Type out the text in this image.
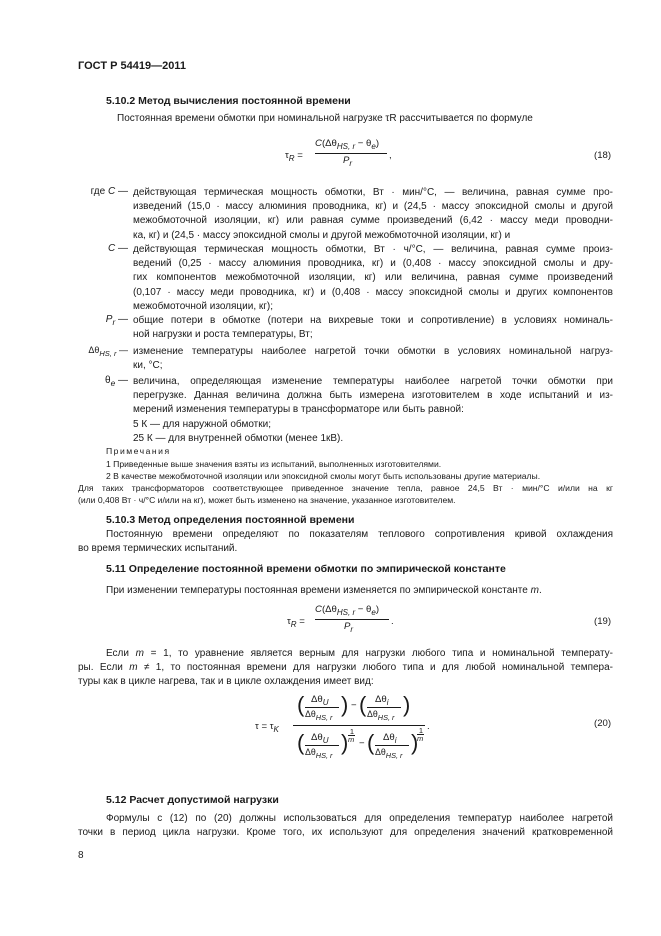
ГОСТ Р 54419—2011
5.10.2 Метод вычисления постоянной времени
Постоянная времени обмотки при номинальной нагрузке τR рассчитывается по формуле
$\tau_R$ =
$C(\Delta\theta_{HS, r} - \theta_e)$
$P_r$
,	(18)
где C — действующая термическая мощность обмотки, Вт · мин/°С, — величина, равная сумме про-
изведений (15,0 · массу алюминия проводника, кг) и (24,5 · массу эпоксидной смолы и другой
межобмоточной изоляции, кг) или равная сумме произведений (6,42 · массу меди проводни-
ка, кг) и (24,5 · массу эпоксидной смолы и другой межобмоточной изоляции, кг) и
C — действующая термическая мощность обмотки, Вт · ч/°С, — величина, равная сумме произ-
ведений (0,25 · массу алюминия проводника, кг) и (0,408 · массу эпоксидной смолы и дру-
гих компонентов межобмоточной изоляции, кг) или величина, равная сумме произведений
(0,107 · массу меди проводника, кг) и (0,408 · массу эпоксидной смолы и других компонентов
межобмоточной изоляции, кг);
$P_r$ — общие потери в обмотке (потери на вихревые токи и сопротивление) в условиях номиналь-
ной нагрузки и роста температуры, Вт;
$\Delta\theta_{HS, r}$ — изменение температуры наиболее нагретой точки обмотки в условиях номинальной нагруз-
ки, °С;
$\theta_e$ — величина, определяющая изменение температуры наиболее нагретой точки обмотки при
перегрузке. Данная величина должна быть измерена изготовителем в ходе испытаний и из-
мерений изменения температуры в трансформаторе или быть равной:
5 К — для наружной обмотки;
25 К — для внутренней обмотки (менее 1кВ).
Примечания
1 Приведенные выше значения взяты из испытаний, выполненных изготовителями.
2 В качестве межобмоточной изоляции или эпоксидной смолы могут быть использованы другие материалы.
Для таких трансформаторов соответствующее приведенное значение тепла, равное 24,5 Вт · мин/°С и/или на кг
(или 0,408 Вт · ч/°С и/или на кг), может быть изменено на значение, указанное изготовителем.
5.10.3 Метод определения постоянной времени
Постоянную времени определяют по показателям теплового сопротивления кривой охлаждения
во время термических испытаний.
5.11 Определение постоянной времени обмотки по эмпирической константе
При изменении температуры постоянная времени изменяется по эмпирической константе m.
$\tau_R$ =
$C(\Delta\theta_{HS, r} - \theta_e)$
$P_r$
.	(19)
Если m = 1, то уравнение является верным для нагрузки любого типа и номинальной температу-
ры. Если m ≠ 1, то постоянная времени для нагрузки любого типа и для любой номинальной темпера-
туры как в цикле нагрева, так и в цикле охлаждения имеет вид:
$\tau = \tau_K$
( $\Delta\theta_U$
$\Delta\theta_{HS, r}$
) − ( $\Delta\theta_i$
$\Delta\theta_{HS, r}$
)
( $\Delta\theta_U$
$\Delta\theta_{HS, r}$
) 1
m − ( $\Delta\theta_i$
$\Delta\theta_{HS, r}$
) 1
m
.	(20)
5.12 Расчет допустимой нагрузки
Формулы с (12) по (20) должны использоваться для определения температур наиболее нагретой
точки в период цикла нагрузки. Кроме того, их используют для определения значений кратковременной
8
